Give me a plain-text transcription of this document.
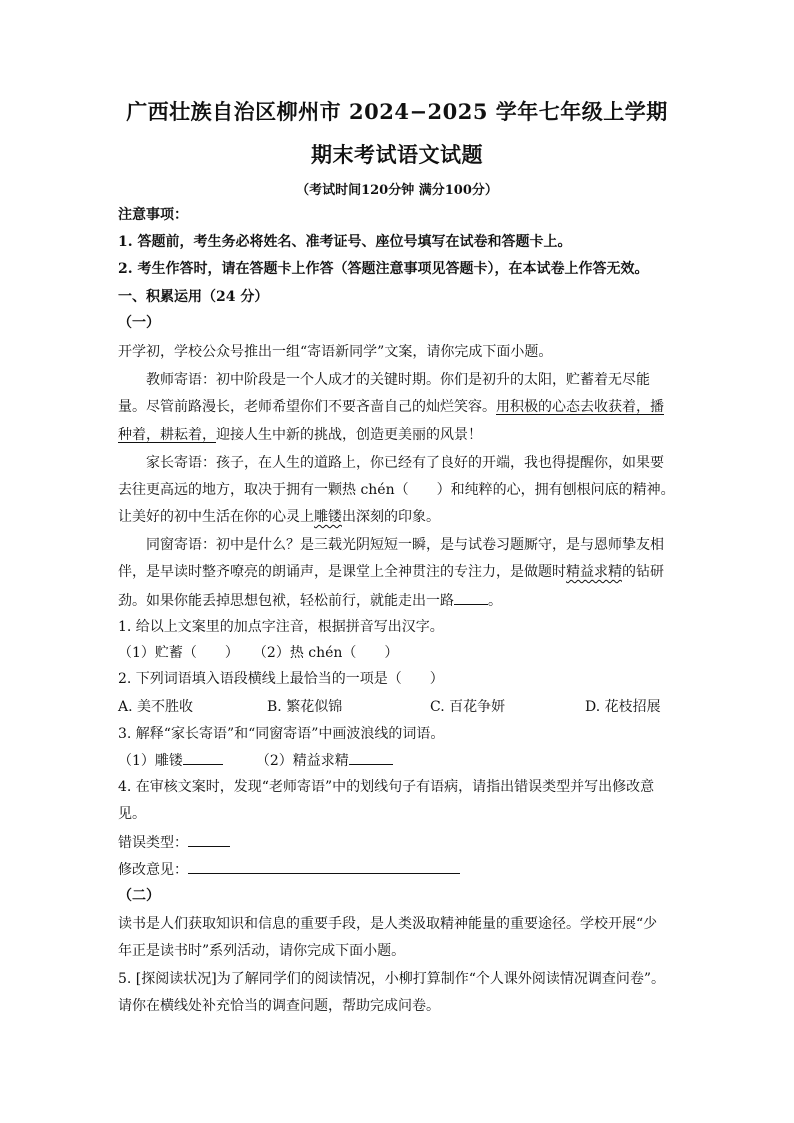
广西壮族自治区柳州市 2024−2025 学年七年级上学期
期末考试语文试题
（考试时间120分钟 满分100分）
注意事项：
1. 答题前，考生务必将姓名、准考证号、座位号填写在试卷和答题卡上。
2. 考生作答时，请在答题卡上作答（答题注意事项见答题卡），在本试卷上作答无效。
一、积累运用（24 分）
（一）
开学初，学校公众号推出一组“寄语新同学”文案，请你完成下面小题。
教师寄语：初中阶段是一个人成才的关键时期。你们是初升的太阳，贮蓄着无尽能
量。尽管前路漫长，老师希望你们不要吝啬自己的灿烂笑容。用积极的心态去收获着，播
种着，耕耘着，迎接人生中新的挑战，创造更美丽的风景！
家长寄语：孩子，在人生的道路上，你已经有了良好的开端，我也得提醒你，如果要
去往更高远的地方，取决于拥有一颗热 chén（　　）和纯粹的心，拥有刨根问底的精神。
让美好的初中生活在你的心灵上雕镂出深刻的印象。
同窗寄语：初中是什么？是三载光阴短短一瞬，是与试卷习题厮守，是与恩师挚友相
伴，是早读时整齐嘹亮的朗诵声，是课堂上全神贯注的专注力，是做题时精益求精的钻研
劲。如果你能丢掉思想包袱，轻松前行，就能走出一路 。
1. 给以上文案里的加点字注音，根据拼音写出汉字。
（1）贮蓄（　　）　　（2）热 chén（　　）
2. 下列词语填入语段横线上最恰当的一项是（　　）
A. 美不胜收	B. 繁花似锦	C. 百花争妍	D. 花枝招展
3. 解释“家长寄语”和“同窗寄语”中画波浪线的词语。
（1）雕镂	（2）精益求精
4. 在审核文案时，发现“老师寄语”中的划线句子有语病，请指出错误类型并写出修改意
见。
错误类型：
修改意见：
（二）
读书是人们获取知识和信息的重要手段，是人类汲取精神能量的重要途径。学校开展“少
年正是读书时”系列活动，请你完成下面小题。
5. [探阅读状况]为了解同学们的阅读情况，小柳打算制作“个人课外阅读情况调查问卷”。
请你在横线处补充恰当的调查问题，帮助完成问卷。
